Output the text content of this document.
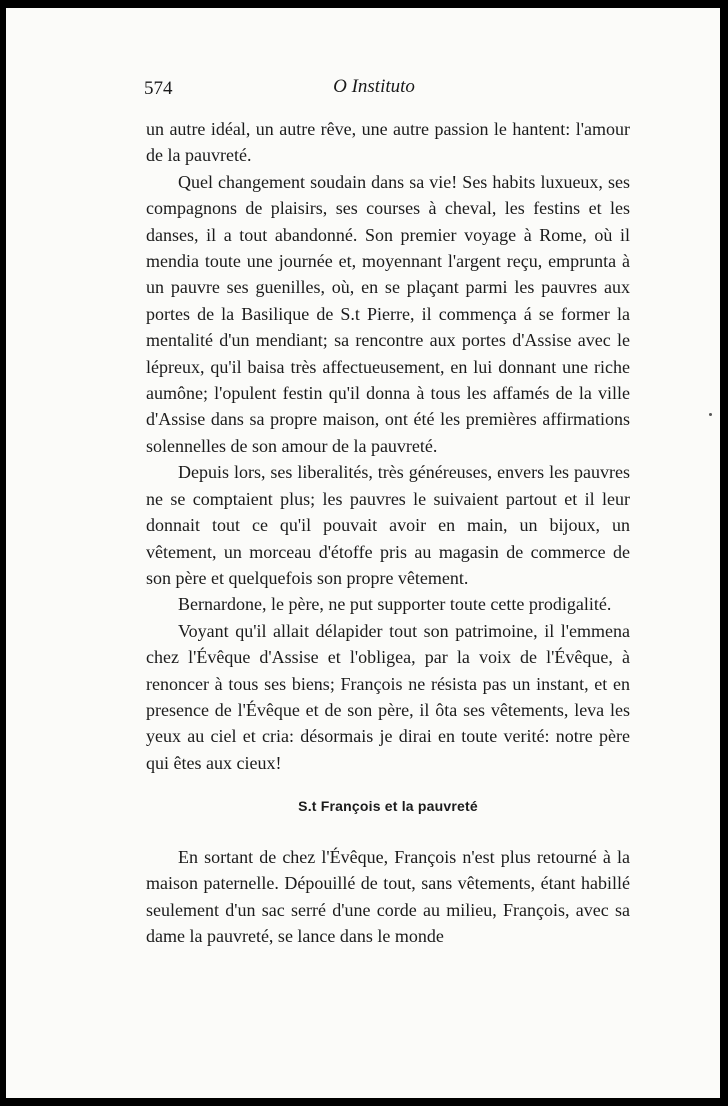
574	O Instituto

un autre idéal, un autre rêve, une autre passion le hantent: l'amour de la pauvreté.

Quel changement soudain dans sa vie! Ses habits luxueux, ses compagnons de plaisirs, ses courses à cheval, les festins et les danses, il a tout abandonné. Son premier voyage à Rome, où il mendia toute une journée et, moyennant l'argent reçu, emprunta à un pauvre ses guenilles, où, en se plaçant parmi les pauvres aux portes de la Basilique de S.t Pierre, il commença á se former la mentalité d'un mendiant; sa rencontre aux portes d'Assise avec le lépreux, qu'il baisa très affectueusement, en lui donnant une riche aumône; l'opulent festin qu'il donna à tous les affamés de la ville d'Assise dans sa propre maison, ont été les premières affirmations solennelles de son amour de la pauvreté.

Depuis lors, ses liberalités, très généreuses, envers les pauvres ne se comptaient plus; les pauvres le suivaient partout et il leur donnait tout ce qu'il pouvait avoir en main, un bijoux, un vêtement, un morceau d'étoffe pris au magasin de commerce de son père et quelquefois son propre vêtement.

Bernardone, le père, ne put supporter toute cette prodigalité.

Voyant qu'il allait délapider tout son patrimoine, il l'emmena chez l'Évêque d'Assise et l'obligea, par la voix de l'Évêque, à renoncer à tous ses biens; François ne résista pas un instant, et en presence de l'Évêque et de son père, il ôta ses vêtements, leva les yeux au ciel et cria: désormais je dirai en toute verité: notre père qui êtes aux cieux!

S.t François et la pauvreté

En sortant de chez l'Évêque, François n'est plus retourné à la maison paternelle. Dépouillé de tout, sans vêtements, étant habillé seulement d'un sac serré d'une corde au milieu, François, avec sa dame la pauvreté, se lance dans le monde
